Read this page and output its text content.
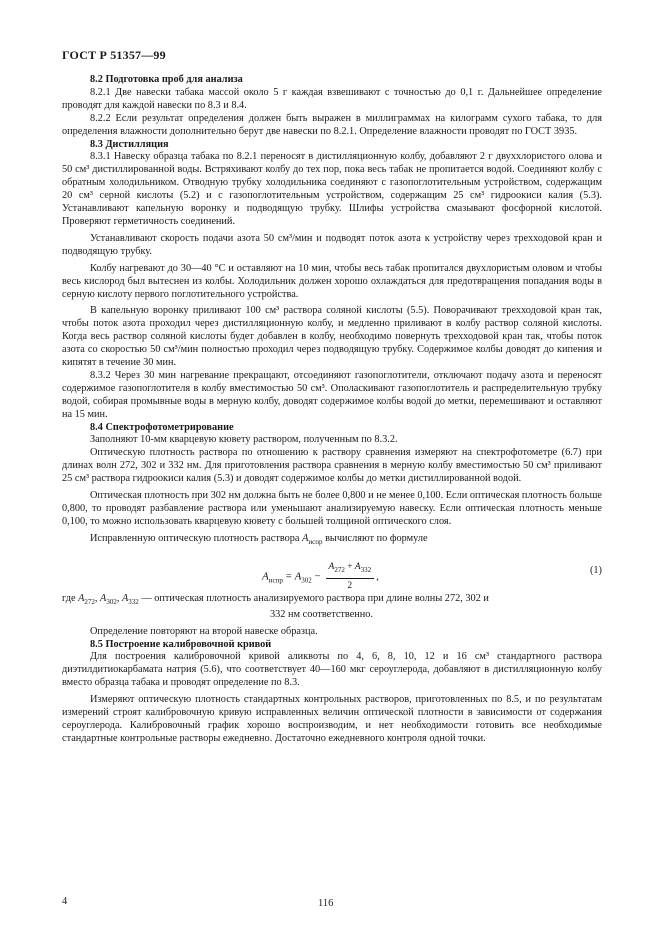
ГОСТ Р 51357—99
8.2 Подготовка проб для анализа

8.2.1 Две навески табака массой около 5 г каждая взвешивают с точностью до 0,1 г. Дальнейшее определение проводят для каждой навески по 8.3 и 8.4.

8.2.2 Если результат определения должен быть выражен в миллиграммах на килограмм сухого табака, то для определения влажности дополнительно берут две навески по 8.2.1. Определение влажности проводят по ГОСТ 3935.

8.3 Дистилляция

8.3.1 Навеску образца табака по 8.2.1 переносят в дистилляционную колбу, добавляют 2 г двуххлористого олова и 50 см³ дистиллированной воды. Встряхивают колбу до тех пор, пока весь табак не пропитается водой. Соединяют колбу с обратным холодильником. Отводную трубку холодильника соединяют с газопоглотительным устройством, содержащим 20 см³ серной кислоты (5.2) и с газопоглотительным устройством, содержащим 25 см³ гидроокиси калия (5.3). Устанавливают капельную воронку и подводящую трубку. Шлифы устройства смазывают фосфорной кислотой. Проверяют герметичность соединений.

Устанавливают скорость подачи азота 50 см³/мин и подводят поток азота к устройству через трехходовой кран и подводящую трубку.

Колбу нагревают до 30—40 °С и оставляют на 10 мин, чтобы весь табак пропитался двухлористым оловом и чтобы весь кислород был вытеснен из колбы. Холодильник должен хорошо охлаждаться для предотвращения попадания воды в серную кислоту первого поглотительного устройства.

В капельную воронку приливают 100 см³ раствора соляной кислоты (5.5). Поворачивают трехходовой кран так, чтобы поток азота проходил через дистилляционную колбу, и медленно приливают в колбу раствор соляной кислоты. Когда весь раствор соляной кислоты будет добавлен в колбу, необходимо повернуть трехходовой кран так, чтобы поток азота со скоростью 50 см³/мин полностью проходил через подводящую трубку. Содержимое колбы доводят до кипения и кипятят в течение 30 мин.

8.3.2 Через 30 мин нагревание прекращают, отсоединяют газопоглотители, отключают подачу азота и переносят содержимое газопоглотителя в колбу вместимостью 50 см³. Ополаскивают газопоглотитель и распределительную трубку водой, собирая промывные воды в мерную колбу, доводят содержимое колбы водой до метки, перемешивают и оставляют на 15 мин.

8.4 Спектрофотометрирование

Заполняют 10-мм кварцевую кювету раствором, полученным по 8.3.2.

Оптическую плотность раствора по отношению к раствору сравнения измеряют на спектрофотометре (6.7) при длинах волн 272, 302 и 332 нм. Для приготовления раствора сравнения в мерную колбу вместимостью 50 см³ приливают 25 см³ раствора гидроокиси калия (5.3) и доводят содержимое колбы до метки дистиллированной водой.

Оптическая плотность при 302 нм должна быть не более 0,800 и не менее 0,100. Если оптическая плотность больше 0,800, то проводят разбавление раствора или уменьшают анализируемую навеску. Если оптическая плотность меньше 0,100, то можно использовать кварцевую кювету с большей толщиной оптического слоя.

Исправленную оптическую плотность раствора $A_{испр}$ вычисляют по формуле

$A_{испр} = A_{302} - \frac{A_{272} + A_{332}}{2}$ ,	(1)

где $A_{272}$, $A_{302}$, $A_{332}$ — оптическая плотность анализируемого раствора при длине волны 272, 302 и

332 нм соответственно.

Определение повторяют на второй навеске образца.

8.5 Построение калибровочной кривой

Для построения калибровочной кривой аликвоты по 4, 6, 8, 10, 12 и 16 см³ стандартного раствора диэтилдитиокарбамата натрия (5.6), что соответствует 40—160 мкг сероуглерода, добавляют в дистилляционную колбу вместо образца табака и проводят определение по 8.3.

Измеряют оптическую плотность стандартных контрольных растворов, приготовленных по 8.5, и по результатам измерений строят калибровочную кривую исправленных величин оптической плотности в зависимости от содержания сероуглерода. Калибровочный график хорошо воспроизводим, и нет необходимости готовить все необходимые стандартные контрольные растворы ежедневно. Достаточно ежедневного контроля одной точки.

4	116
